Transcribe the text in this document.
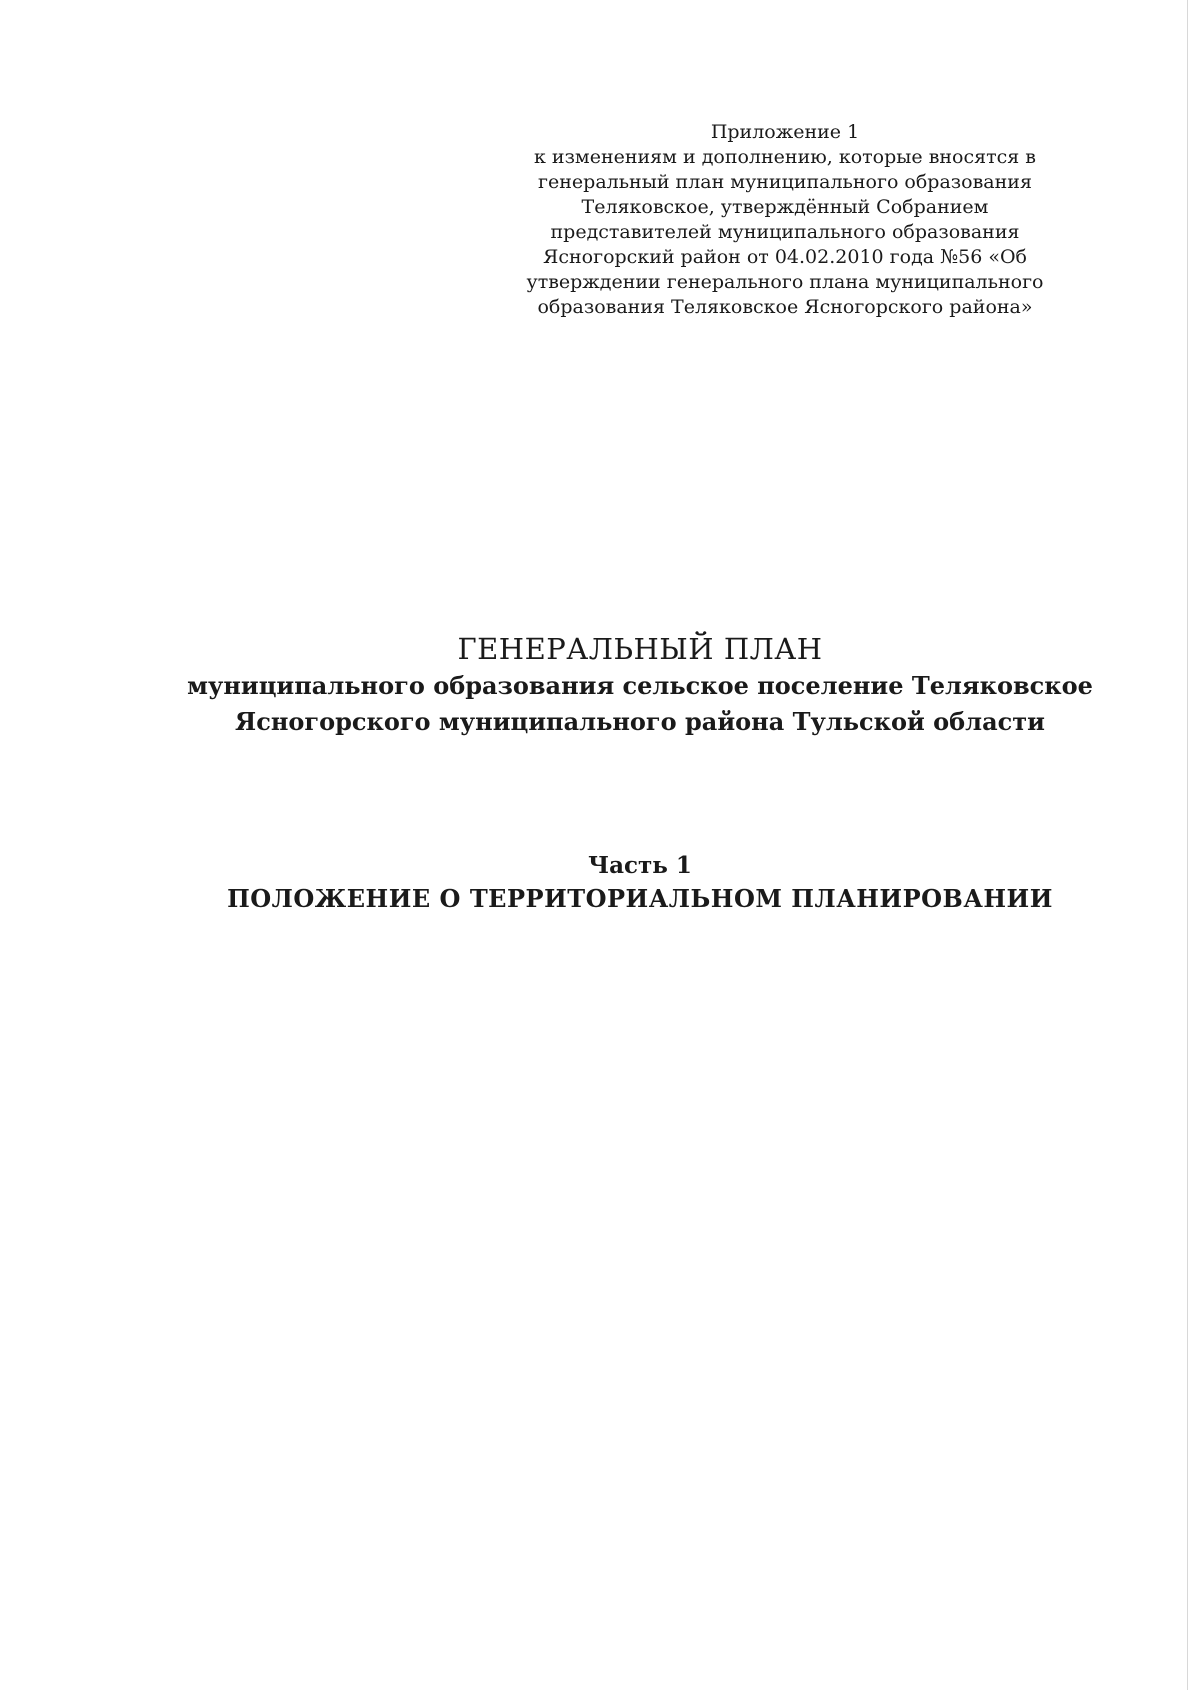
Приложение 1
к изменениям и дополнению, которые вносятся в
генеральный план муниципального образования
Теляковское, утверждённый Собранием
представителей муниципального образования
Ясногорский район от 04.02.2010 года №56 «Об
утверждении генерального плана муниципального
образования Теляковское Ясногорского района»
ГЕНЕРАЛЬНЫЙ ПЛАН
муниципального образования сельское поселение Теляковское
Ясногорского муниципального района Тульской области
Часть 1
ПОЛОЖЕНИЕ О ТЕРРИТОРИАЛЬНОМ ПЛАНИРОВАНИИ
